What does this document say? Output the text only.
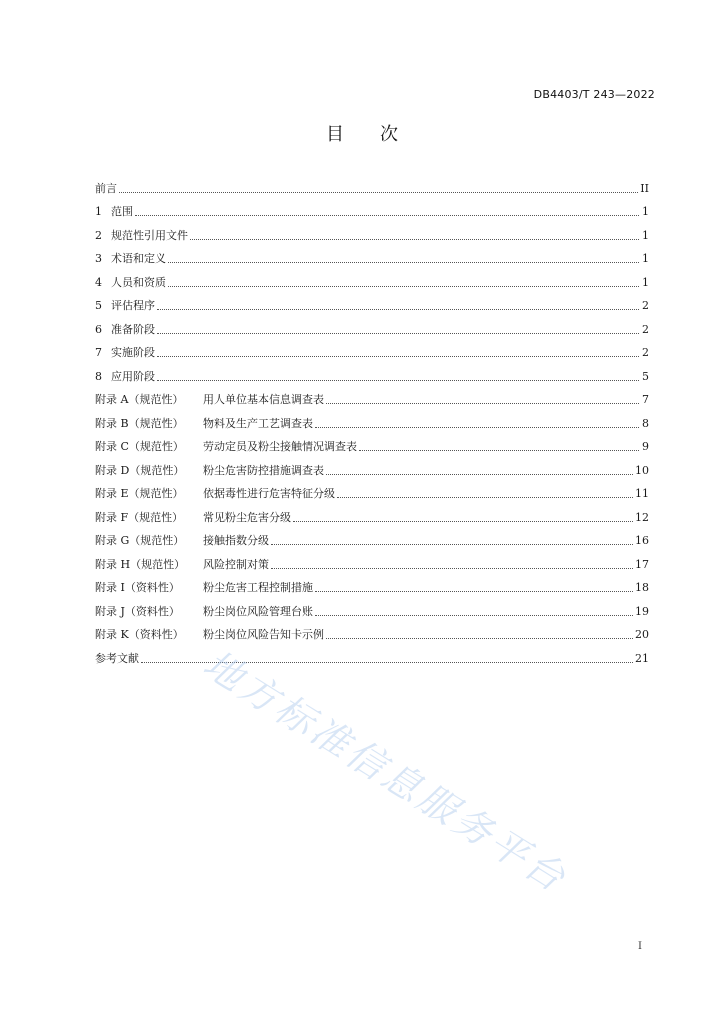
DB4403/T 243—2022
目次
前言	II
1 范围	1
2 规范性引用文件	1
3 术语和定义	1
4 人员和资质	1
5 评估程序	2
6 准备阶段	2
7 实施阶段	2
8 应用阶段	5
附录 A（规范性）	用人单位基本信息调查表	7
附录 B（规范性）	物料及生产工艺调查表	8
附录 C（规范性）	劳动定员及粉尘接触情况调查表	9
附录 D（规范性）	粉尘危害防控措施调查表	10
附录 E（规范性）	依据毒性进行危害特征分级	11
附录 F（规范性）	常见粉尘危害分级	12
附录 G（规范性）	接触指数分级	16
附录 H（规范性）	风险控制对策	17
附录 I（资料性）	粉尘危害工程控制措施	18
附录 J（资料性）	粉尘岗位风险管理台账	19
附录 K（资料性）	粉尘岗位风险告知卡示例	20
参考文献	21
地方标准信息服务平台
I
